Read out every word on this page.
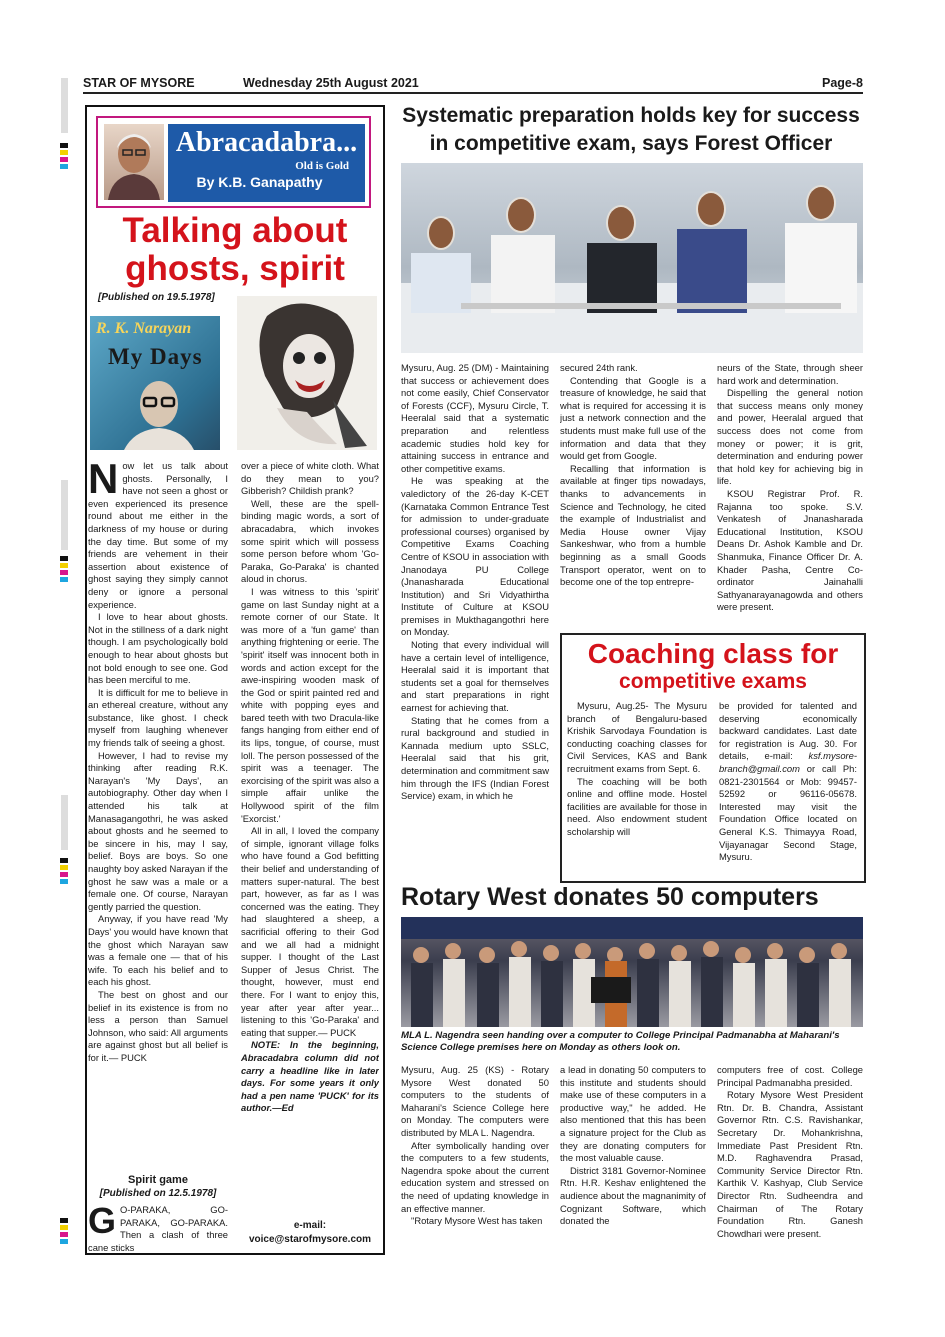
STAR OF MYSORE	Wednesday 25th August 2021	Page-8
Abracadabra...
Old is Gold
By K.B. Ganapathy
Talking about
ghosts, spirit
[Published on 19.5.1978]
R. K. Narayan
My Days
N ow let us talk about ghosts. Personally, I have not seen a ghost or even experienced its presence round about me either in the darkness of my house or during the day time. But some of my friends are vehement in their assertion about existence of ghost saying they simply cannot deny or ignore a personal experience.

I love to hear about ghosts. Not in the stillness of a dark night though. I am psychologically bold enough to hear about ghosts but not bold enough to see one. God has been merciful to me.

It is difficult for me to believe in an ethereal creature, without any substance, like ghost. I check myself from laughing whenever my friends talk of seeing a ghost.

However, I had to revise my thinking after reading R.K. Narayan's 'My Days', an autobiography. Other day when I attended his talk at Manasagangothri, he was asked about ghosts and he seemed to be sincere in his, may I say, belief. Boys are boys. So one naughty boy asked Narayan if the ghost he saw was a male or a female one. Of course, Narayan gently parried the question.

Anyway, if you have read 'My Days' you would have known that the ghost which Narayan saw was a female one — that of his wife. To each his belief and to each his ghost.

The best on ghost and our belief in its existence is from no less a person than Samuel Johnson, who said: All arguments are against ghost but all belief is for it.— PUCK

Spirit game
[Published on 12.5.1978]
G O-PARAKA, GO-PARAKA, GO-PARAKA. Then a clash of three cane sticks

over a piece of white cloth. What do they mean to you? Gibberish? Childish prank?

Well, these are the spell-binding magic words, a sort of abracadabra, which invokes some spirit which will possess some person before whom 'Go-Paraka, Go-Paraka' is chanted aloud in chorus.

I was witness to this 'spirit' game on last Sunday night at a remote corner of our State. It was more of a 'fun game' than anything frightening or eerie. The 'spirit' itself was innocent both in words and action except for the awe-inspiring wooden mask of the God or spirit painted red and white with popping eyes and bared teeth with two Dracula-like fangs hanging from either end of its lips, tongue, of course, must loll. The person possessed of the spirit was a teenager. The exorcising of the spirit was also a simple affair unlike the Hollywood spirit of the film 'Exorcist.'

All in all, I loved the company of simple, ignorant village folks who have found a God befitting their belief and understanding of matters super-natural. The best part, however, as far as I was concerned was the eating. They had slaughtered a sheep, a sacrificial offering to their God and we all had a midnight supper. I thought of the Last Supper of Jesus Christ. The thought, however, must end there. For I want to enjoy this, year after year after year... listening to this 'Go-Paraka' and eating that supper.— PUCK

NOTE: In the beginning, Abracadabra column did not carry a headline like in later days. For some years it only had a pen name 'PUCK' for its author.—Ed

e-mail:
voice@starofmysore.com
Systematic preparation holds key for success
in competitive exam, says Forest Officer

Mysuru, Aug. 25 (DM) - Maintaining that success or achievement does not come easily, Chief Conservator of Forests (CCF), Mysuru Circle, T. Heeralal said that a systematic preparation and relentless academic studies hold key for attaining success in entrance and other competitive exams.

He was speaking at the valedictory of the 26-day K-CET (Karnataka Common Entrance Test for admission to under-graduate professional courses) organised by Competitive Exams Coaching Centre of KSOU in association with Jnanodaya PU College (Jnanasharada Educational Institution) and Sri Vidyathirtha Institute of Culture at KSOU premises in Mukthagangothri here on Monday.

Noting that every individual will have a certain level of intelligence, Heeralal said it is important that students set a goal for themselves and start preparations in right earnest for achieving that.

Stating that he comes from a rural background and studied in Kannada medium upto SSLC, Heeralal said that his grit, determination and commitment saw him through the IFS (Indian Forest Service) exam, in which he

secured 24th rank.

Contending that Google is a treasure of knowledge, he said that what is required for accessing it is just a network connection and the students must make full use of the information and data that they would get from Google.

Recalling that information is available at finger tips nowadays, thanks to advancements in Science and Technology, he cited the example of Industrialist and Media House owner Vijay Sankeshwar, who from a humble beginning as a small Goods Transport operator, went on to become one of the top entrepre-

neurs of the State, through sheer hard work and determination.

Dispelling the general notion that success means only money and power, Heeralal argued that success does not come from money or power; it is grit, determination and enduring power that hold key for achieving big in life.

KSOU Registrar Prof. R. Rajanna too spoke. S.V. Venkatesh of Jnanasharada Educational Institution, KSOU Deans Dr. Ashok Kamble and Dr. Shanmuka, Finance Officer Dr. A. Khader Pasha, Centre Co-ordinator Jainahalli Sathyanarayanagowda and others were present.

Coaching class for
competitive exams

Mysuru, Aug.25- The Mysuru branch of Bengaluru-based Krishik Sarvodaya Foundation is conducting coaching classes for Civil Services, KAS and Bank recruitment exams from Sept. 6.

The coaching will be both online and offline mode. Hostel facilities are available for those in need. Also endowment student scholarship will

be provided for talented and deserving economically backward candidates. Last date for registration is Aug. 30. For details, e-mail: ksf.mysore-branch@gmail.com or call Ph: 0821-2301564 or Mob: 99457-52592 or 96116-05678. Interested may visit the Foundation Office located on General K.S. Thimayya Road, Vijayanagar Second Stage, Mysuru.

Rotary West donates 50 computers
MLA L. Nagendra seen handing over a computer to College Principal Padmanabha at Maharani's Science College premises here on Monday as others look on.

Mysuru, Aug. 25 (KS) - Rotary Mysore West donated 50 computers to the students of Maharani's Science College here on Monday. The computers were distributed by MLA L. Nagendra.

After symbolically handing over the computers to a few students, Nagendra spoke about the current education system and stressed on the need of updating knowledge in an effective manner.

"Rotary Mysore West has taken

a lead in donating 50 computers to this institute and students should make use of these computers in a productive way," he added. He also mentioned that this has been a signature project for the Club as they are donating computers for the most valuable cause.

District 3181 Governor-Nominee Rtn. H.R. Keshav enlightened the audience about the magnanimity of Cognizant Software, which donated the

computers free of cost. College Principal Padmanabha presided.

Rotary Mysore West President Rtn. Dr. B. Chandra, Assistant Governor Rtn. C.S. Ravishankar, Secretary Dr. Mohankrishna, Immediate Past President Rtn. M.D. Raghavendra Prasad, Community Service Director Rtn. Karthik V. Kashyap, Club Service Director Rtn. Sudheendra and Chairman of The Rotary Foundation Rtn. Ganesh Chowdhari were present.
